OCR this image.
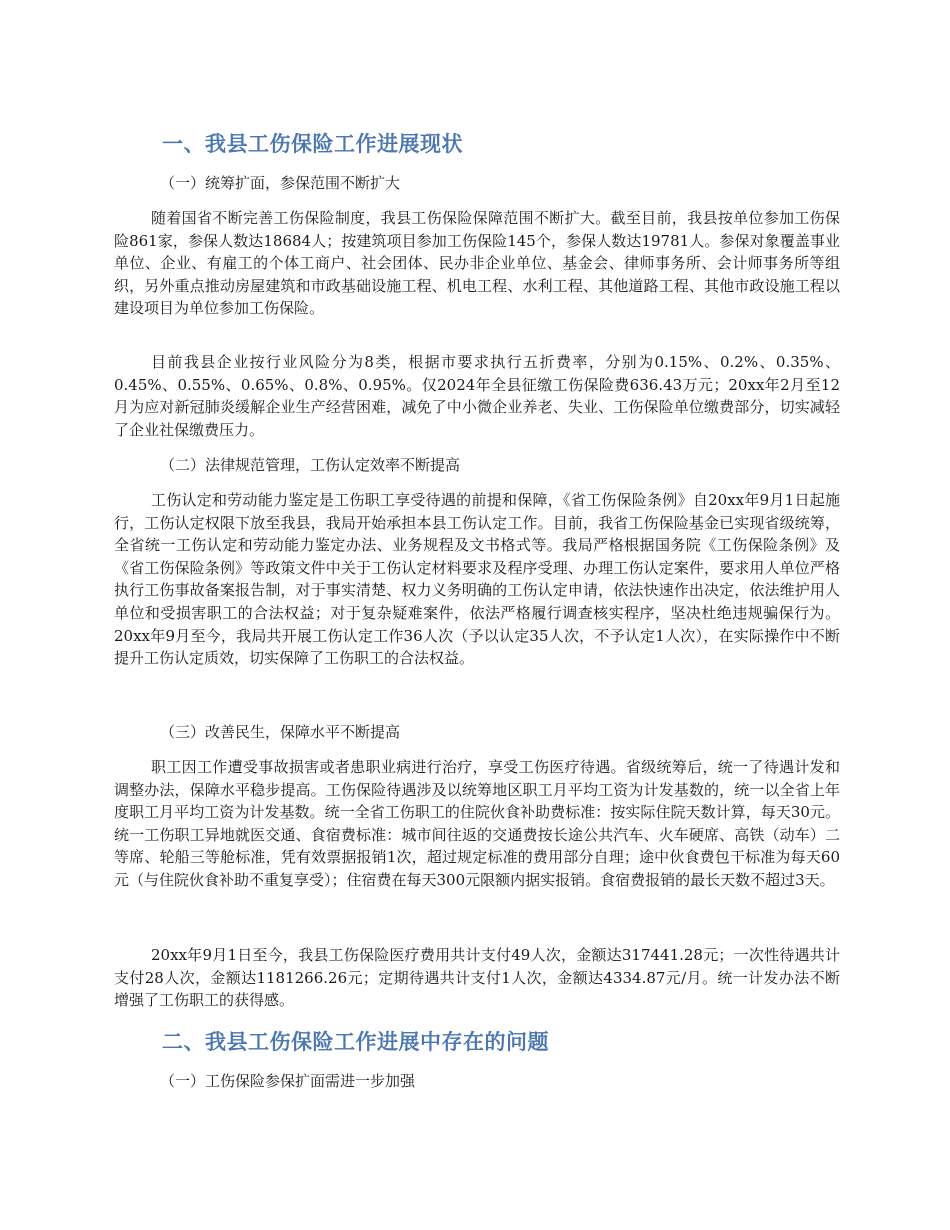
一、我县工伤保险工作进展现状

（一）统筹扩面，参保范围不断扩大

随着国省不断完善工伤保险制度，我县工伤保险保障范围不断扩大。截至目前，我县按单位参加工伤保险861家，参保人数达18684人；按建筑项目参加工伤保险145个，参保人数达19781人。参保对象覆盖事业单位、企业、有雇工的个体工商户、社会团体、民办非企业单位、基金会、律师事务所、会计师事务所等组织，另外重点推动房屋建筑和市政基础设施工程、机电工程、水利工程、其他道路工程、其他市政设施工程以建设项目为单位参加工伤保险。

目前我县企业按行业风险分为8类，根据市要求执行五折费率，分别为0.15%、0.2%、0.35%、0.45%、0.55%、0.65%、0.8%、0.95%。仅2024年全县征缴工伤保险费636.43万元；20xx年2月至12月为应对新冠肺炎缓解企业生产经营困难，减免了中小微企业养老、失业、工伤保险单位缴费部分，切实减轻了企业社保缴费压力。

（二）法律规范管理，工伤认定效率不断提高

工伤认定和劳动能力鉴定是工伤职工享受待遇的前提和保障，《省工伤保险条例》自20xx年9月1日起施行，工伤认定权限下放至我县，我局开始承担本县工伤认定工作。目前，我省工伤保险基金已实现省级统筹，全省统一工伤认定和劳动能力鉴定办法、业务规程及文书格式等。我局严格根据国务院《工伤保险条例》及《省工伤保险条例》等政策文件中关于工伤认定材料要求及程序受理、办理工伤认定案件，要求用人单位严格执行工伤事故备案报告制，对于事实清楚、权力义务明确的工伤认定申请，依法快速作出决定，依法维护用人单位和受损害职工的合法权益；对于复杂疑难案件，依法严格履行调查核实程序，坚决杜绝违规骗保行为。20xx年9月至今，我局共开展工伤认定工作36人次（予以认定35人次，不予认定1人次），在实际操作中不断提升工伤认定质效，切实保障了工伤职工的合法权益。

（三）改善民生，保障水平不断提高

职工因工作遭受事故损害或者患职业病进行治疗，享受工伤医疗待遇。省级统筹后，统一了待遇计发和调整办法，保障水平稳步提高。工伤保险待遇涉及以统筹地区职工月平均工资为计发基数的，统一以全省上年度职工月平均工资为计发基数。统一全省工伤职工的住院伙食补助费标准：按实际住院天数计算，每天30元。统一工伤职工异地就医交通、食宿费标准：城市间往返的交通费按长途公共汽车、火车硬席、高铁（动车）二等席、轮船三等舱标准，凭有效票据报销1次，超过规定标准的费用部分自理；途中伙食费包干标准为每天60元（与住院伙食补助不重复享受）；住宿费在每天300元限额内据实报销。食宿费报销的最长天数不超过3天。

20xx年9月1日至今，我县工伤保险医疗费用共计支付49人次，金额达317441.28元；一次性待遇共计支付28人次，金额达1181266.26元；定期待遇共计支付1人次，金额达4334.87元/月。统一计发办法不断增强了工伤职工的获得感。

二、我县工伤保险工作进展中存在的问题

（一）工伤保险参保扩面需进一步加强
